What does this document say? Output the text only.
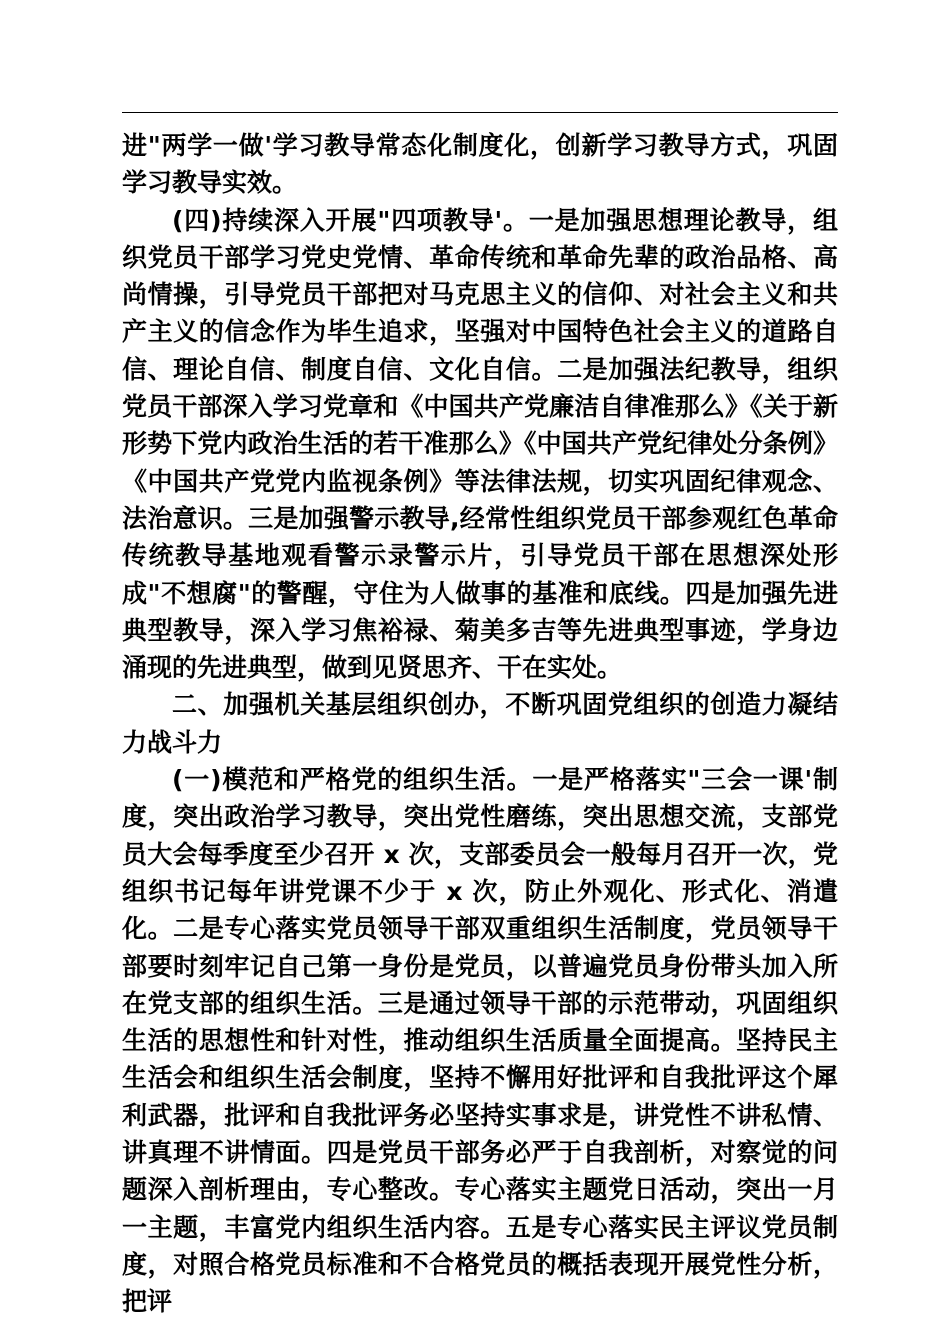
进"两学一做'学习教导常态化制度化，创新学习教导方式，巩固学习教导实效。

(四)持续深入开展"四项教导'。一是加强思想理论教导，组织党员干部学习党史党情、革命传统和革命先辈的政治品格、高尚情操，引导党员干部把对马克思主义的信仰、对社会主义和共产主义的信念作为毕生追求，坚强对中国特色社会主义的道路自信、理论自信、制度自信、文化自信。二是加强法纪教导，组织党员干部深入学习党章和《中国共产党廉洁自律准那么》《关于新形势下党内政治生活的若干准那么》《中国共产党纪律处分条例》《中国共产党党内监视条例》等法律法规，切实巩固纪律观念、法治意识。三是加强警示教导,经常性组织党员干部参观红色革命传统教导基地观看警示录警示片，引导党员干部在思想深处形成"不想腐"的警醒，守住为人做事的基准和底线。四是加强先进典型教导，深入学习焦裕禄、菊美多吉等先进典型事迹，学身边涌现的先进典型，做到见贤思齐、干在实处。

二、加强机关基层组织创办，不断巩固党组织的创造力凝结力战斗力

(一)模范和严格党的组织生活。一是严格落实"三会一课'制度，突出政治学习教导，突出党性磨练，突出思想交流，支部党员大会每季度至少召开 x 次，支部委员会一般每月召开一次，党组织书记每年讲党课不少于 x 次，防止外观化、形式化、消遣化。二是专心落实党员领导干部双重组织生活制度，党员领导干部要时刻牢记自己第一身份是党员，以普遍党员身份带头加入所在党支部的组织生活。三是通过领导干部的示范带动，巩固组织生活的思想性和针对性，推动组织生活质量全面提高。坚持民主生活会和组织生活会制度，坚持不懈用好批评和自我批评这个犀利武器，批评和自我批评务必坚持实事求是，讲党性不讲私情、讲真理不讲情面。四是党员干部务必严于自我剖析，对察觉的问题深入剖析理由，专心整改。专心落实主题党日活动，突出一月一主题，丰富党内组织生活内容。五是专心落实民主评议党员制度，对照合格党员标准和不合格党员的概括表现开展党性分析，把评
